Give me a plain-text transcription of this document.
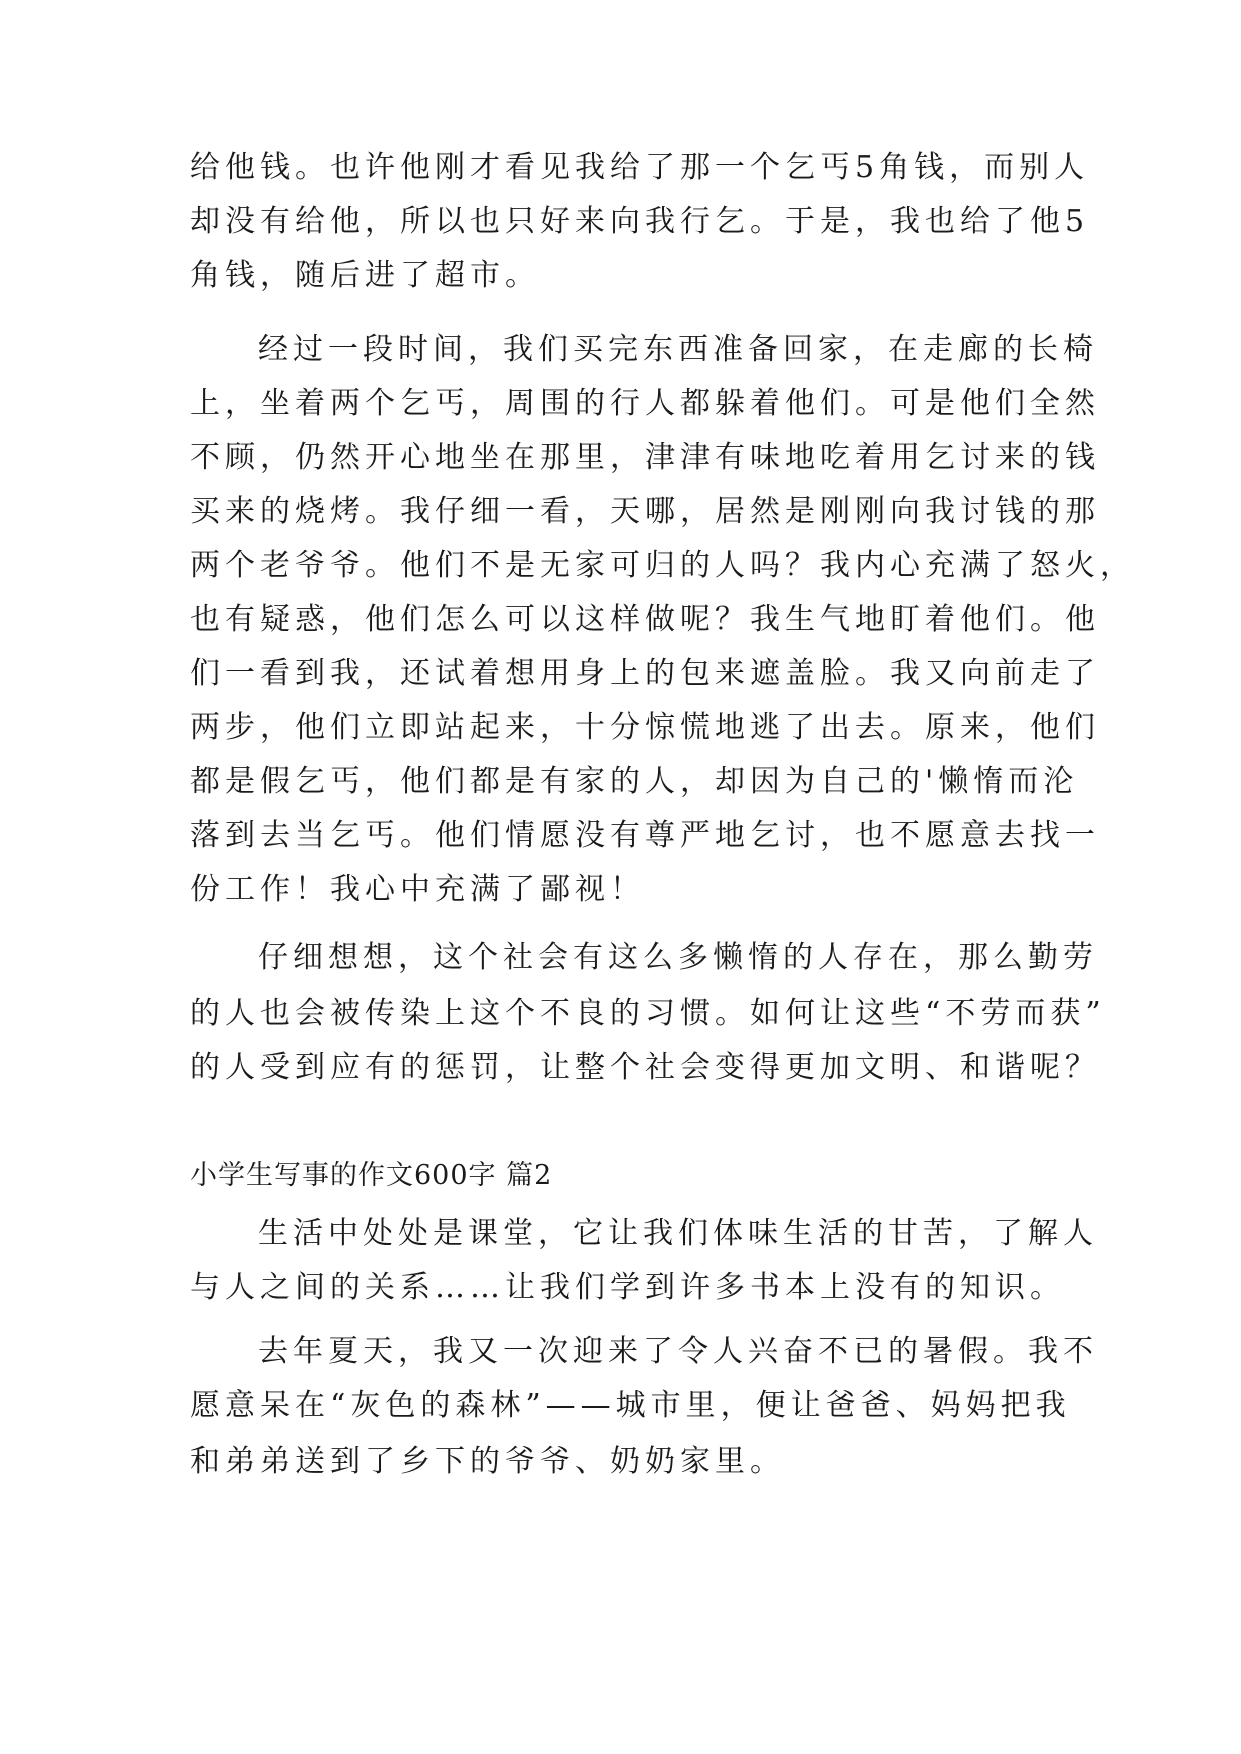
给他钱。也许他刚才看见我给了那一个乞丐5角钱，而别人
却没有给他，所以也只好来向我行乞。于是，我也给了他5
角钱，随后进了超市。
经过一段时间，我们买完东西准备回家，在走廊的长椅
上，坐着两个乞丐，周围的行人都躲着他们。可是他们全然
不顾，仍然开心地坐在那里，津津有味地吃着用乞讨来的钱
买来的烧烤。我仔细一看，天哪，居然是刚刚向我讨钱的那
两个老爷爷。他们不是无家可归的人吗？我内心充满了怒火，
也有疑惑，他们怎么可以这样做呢？我生气地盯着他们。他
们一看到我，还试着想用身上的包来遮盖脸。我又向前走了
两步，他们立即站起来，十分惊慌地逃了出去。原来，他们
都是假乞丐，他们都是有家的人，却因为自己的'懒惰而沦
落到去当乞丐。他们情愿没有尊严地乞讨，也不愿意去找一
份工作！我心中充满了鄙视！
仔细想想，这个社会有这么多懒惰的人存在，那么勤劳
的人也会被传染上这个不良的习惯。如何让这些“不劳而获”
的人受到应有的惩罚，让整个社会变得更加文明、和谐呢？
小学生写事的作文600字 篇2
生活中处处是课堂，它让我们体味生活的甘苦，了解人
与人之间的关系……让我们学到许多书本上没有的知识。
去年夏天，我又一次迎来了令人兴奋不已的暑假。我不
愿意呆在“灰色的森林”——城市里，便让爸爸、妈妈把我
和弟弟送到了乡下的爷爷、奶奶家里。
